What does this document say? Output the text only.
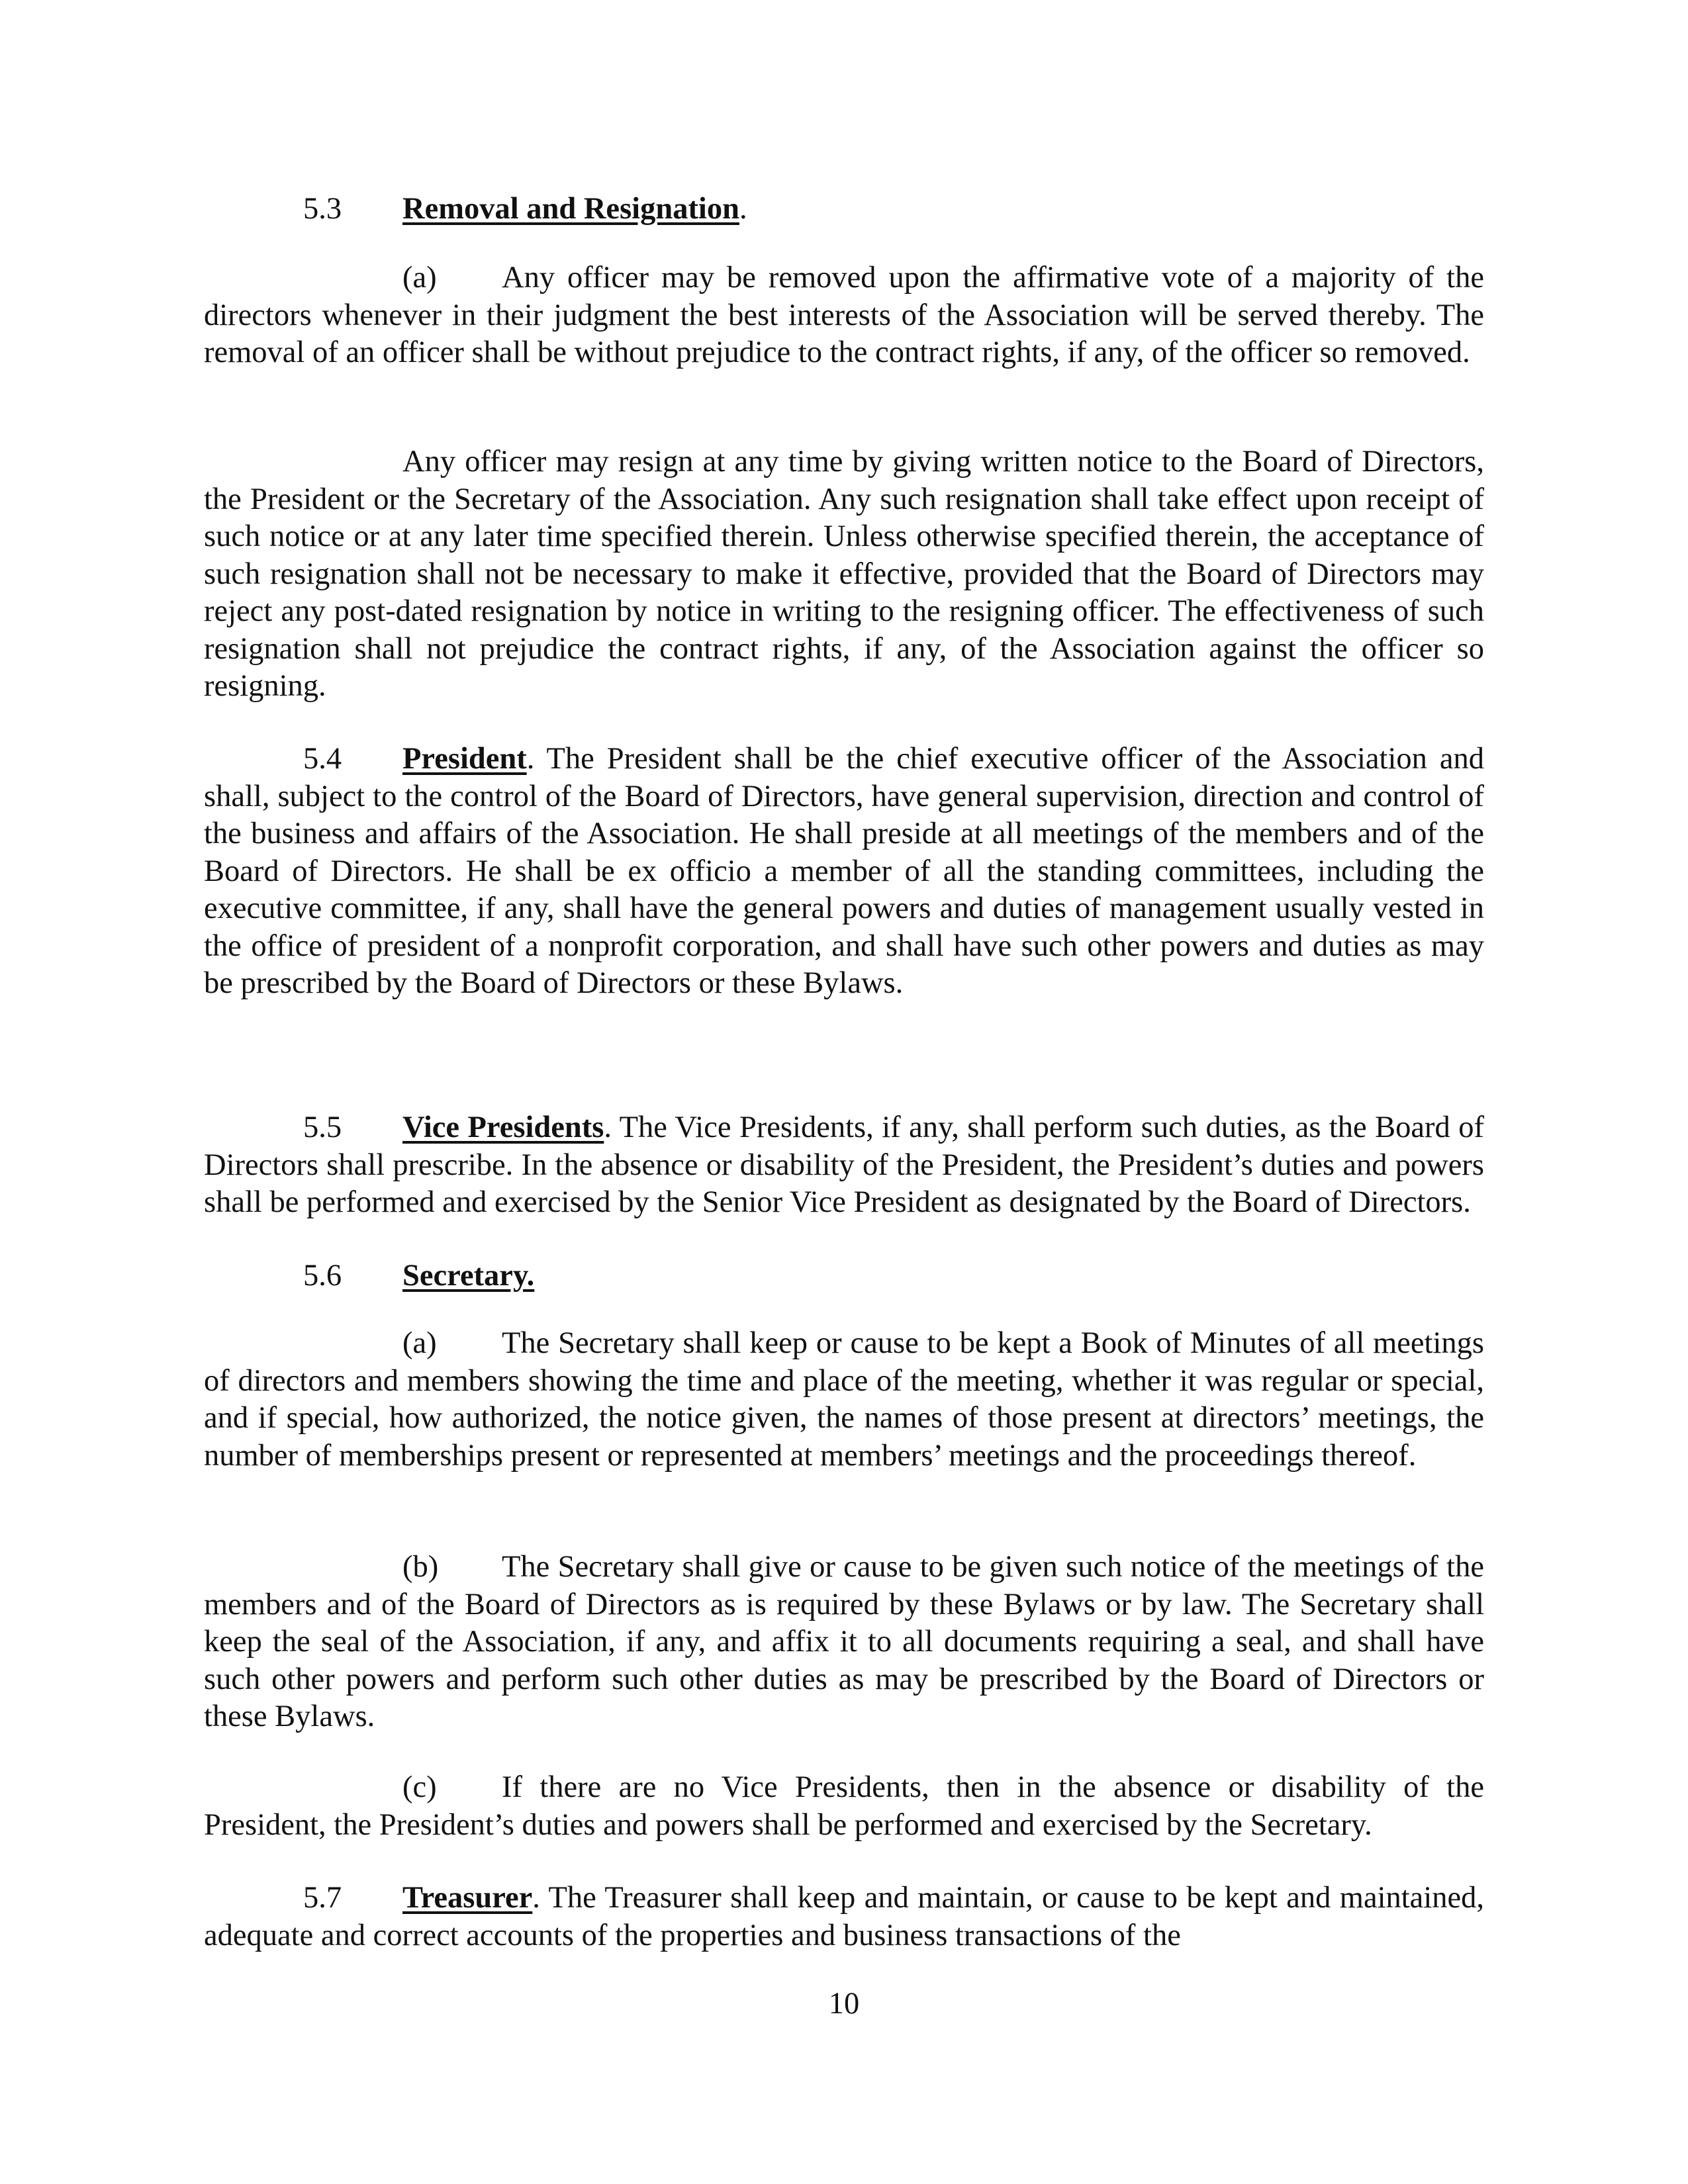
5.3 Removal and Resignation.

(a) Any officer may be removed upon the affirmative vote of a majority of the directors whenever in their judgment the best interests of the Association will be served thereby. The removal of an officer shall be without prejudice to the contract rights, if any, of the officer so removed.

Any officer may resign at any time by giving written notice to the Board of Directors, the President or the Secretary of the Association. Any such resignation shall take effect upon receipt of such notice or at any later time specified therein. Unless otherwise specified therein, the acceptance of such resignation shall not be necessary to make it effective, provided that the Board of Directors may reject any post-dated resignation by notice in writing to the resigning officer. The effectiveness of such resignation shall not prejudice the contract rights, if any, of the Association against the officer so resigning.

5.4 President. The President shall be the chief executive officer of the Association and shall, subject to the control of the Board of Directors, have general supervision, direction and control of the business and affairs of the Association. He shall preside at all meetings of the members and of the Board of Directors. He shall be ex officio a member of all the standing committees, including the executive committee, if any, shall have the general powers and duties of management usually vested in the office of president of a nonprofit corporation, and shall have such other powers and duties as may be prescribed by the Board of Directors or these Bylaws.

5.5 Vice Presidents. The Vice Presidents, if any, shall perform such duties, as the Board of Directors shall prescribe. In the absence or disability of the President, the President’s duties and powers shall be performed and exercised by the Senior Vice President as designated by the Board of Directors.

5.6 Secretary.

(a) The Secretary shall keep or cause to be kept a Book of Minutes of all meetings of directors and members showing the time and place of the meeting, whether it was regular or special, and if special, how authorized, the notice given, the names of those present at directors’ meetings, the number of memberships present or represented at members’ meetings and the proceedings thereof.

(b) The Secretary shall give or cause to be given such notice of the meetings of the members and of the Board of Directors as is required by these Bylaws or by law. The Secretary shall keep the seal of the Association, if any, and affix it to all documents requiring a seal, and shall have such other powers and perform such other duties as may be prescribed by the Board of Directors or these Bylaws.

(c) If there are no Vice Presidents, then in the absence or disability of the President, the President’s duties and powers shall be performed and exercised by the Secretary.

5.7 Treasurer. The Treasurer shall keep and maintain, or cause to be kept and maintained, adequate and correct accounts of the properties and business transactions of the

10
